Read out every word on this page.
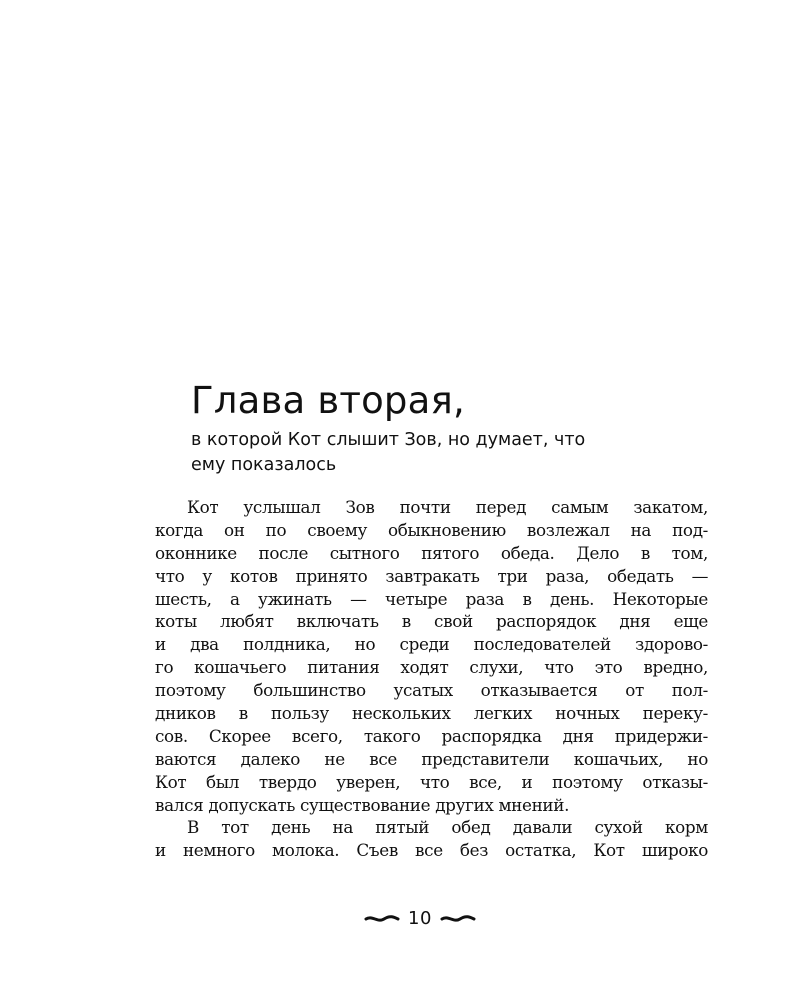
Глава вторая,
в которой Кот слышит Зов, но думает, что
ему показалось
Кот услышал Зов почти перед самым закатом,
когда он по своему обыкновению возлежал на под-
оконнике после сытного пятого обеда. Дело в том,
что у котов принято завтракать три раза, обедать —
шесть, а ужинать — четыре раза в день. Некоторые
коты любят включать в свой распорядок дня еще
и два полдника, но среди последователей здорово-
го кошачьего питания ходят слухи, что это вредно,
поэтому большинство усатых отказывается от пол-
дников в пользу нескольких легких ночных переку-
сов. Скорее всего, такого распорядка дня придержи-
ваются далеко не все представители кошачьих, но
Кот был твердо уверен, что все, и поэтому отказы-
вался допускать существование других мнений.
В тот день на пятый обед давали сухой корм
и немного молока. Съев все без остатка, Кот широко
10
